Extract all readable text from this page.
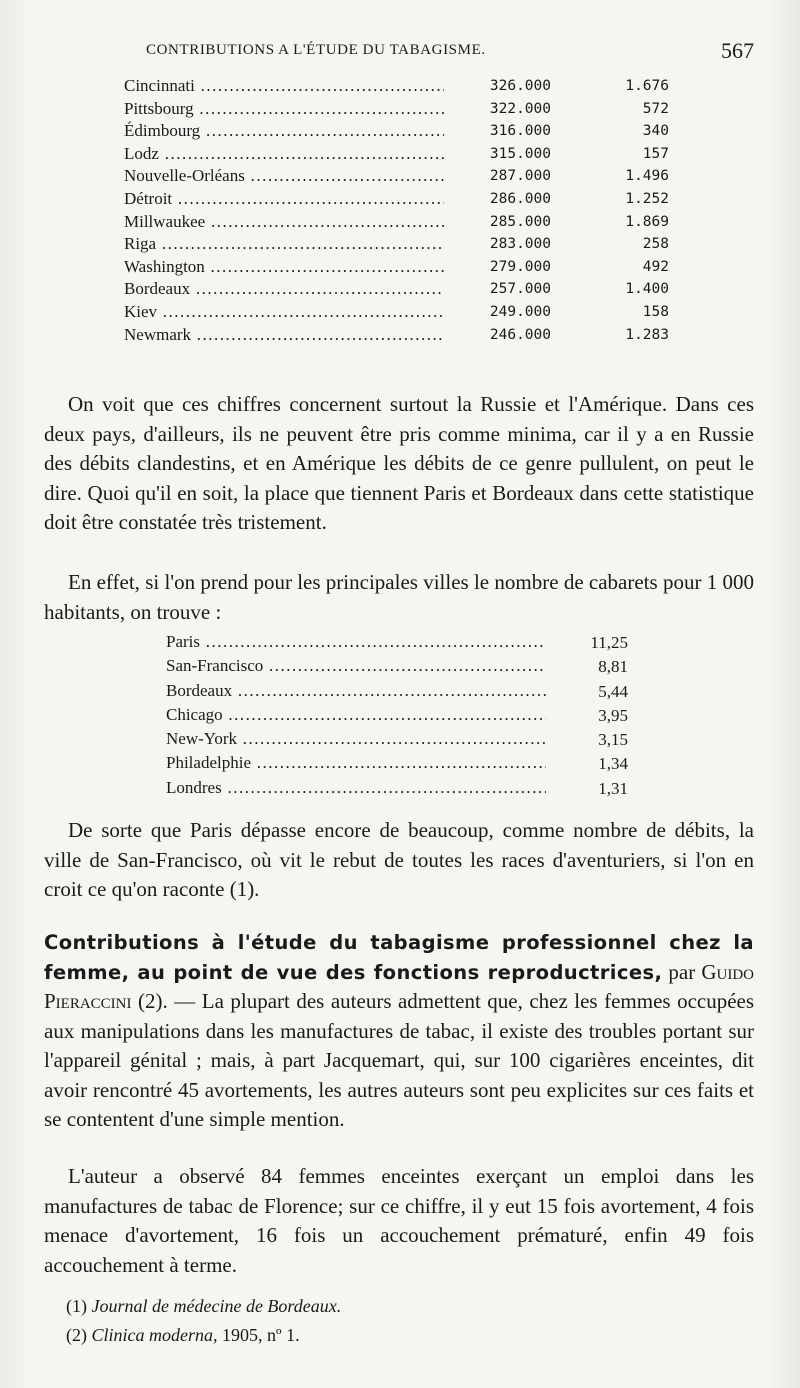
CONTRIBUTIONS A L'ÉTUDE DU TABAGISME.	567
Cincinnati .....	326.000	1.676
Pittsbourg .....	322.000	572
Édimbourg .....	316.000	340
Lodz .....	315.000	157
Nouvelle-Orléans .....	287.000	1.496
Détroit .....	286.000	1.252
Millwaukee .....	285.000	1.869
Riga .....	283.000	258
Washington .....	279.000	492
Bordeaux .....	257.000	1.400
Kiev .....	249.000	158
Newmark .....	246.000	1.283

On voit que ces chiffres concernent surtout la Russie et l'Amérique. Dans ces deux pays, d'ailleurs, ils ne peuvent être pris comme minima, car il y a en Russie des débits clandestins, et en Amérique les débits de ce genre pullulent, on peut le dire. Quoi qu'il en soit, la place que tiennent Paris et Bordeaux dans cette statistique doit être constatée très tristement.

En effet, si l'on prend pour les principales villes le nombre de cabarets pour 1 000 habitants, on trouve :

Paris .....	11,25
San-Francisco .....	8,81
Bordeaux .....	5,44
Chicago .....	3,95
New-York .....	3,15
Philadelphie .....	1,34
Londres .....	1,31

De sorte que Paris dépasse encore de beaucoup, comme nombre de débits, la ville de San-Francisco, où vit le rebut de toutes les races d'aventuriers, si l'on en croit ce qu'on raconte (1).

Contributions à l'étude du tabagisme professionnel chez la femme, au point de vue des fonctions reproductrices, par Guido Pieraccini (2). — La plupart des auteurs admettent que, chez les femmes occupées aux manipulations dans les manufactures de tabac, il existe des troubles portant sur l'appareil génital ; mais, à part Jacquemart, qui, sur 100 cigarières enceintes, dit avoir rencontré 45 avortements, les autres auteurs sont peu explicites sur ces faits et se contentent d'une simple mention.

L'auteur a observé 84 femmes enceintes exerçant un emploi dans les manufactures de tabac de Florence; sur ce chiffre, il y eut 15 fois avortement, 4 fois menace d'avortement, 16 fois un accouchement prématuré, enfin 49 fois accouchement à terme.

(1) Journal de médecine de Bordeaux.
(2) Clinica moderna, 1905, nº 1.
